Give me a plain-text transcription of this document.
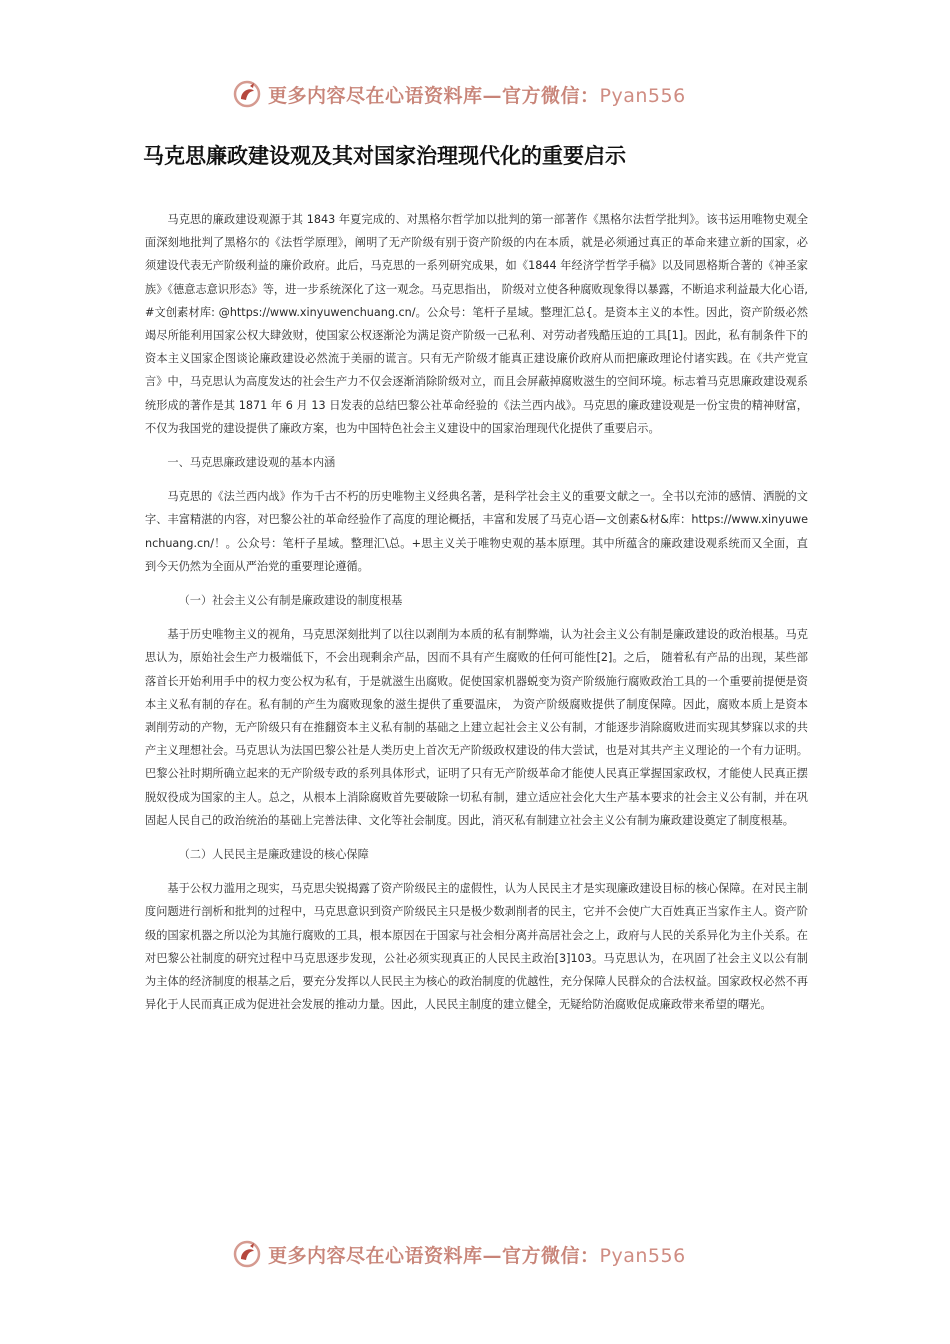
更多内容尽在心语资料库—官方微信：Pyan556
马克思廉政建设观及其对国家治理现代化的重要启示

马克思的廉政建设观源于其 1843 年夏完成的、对黑格尔哲学加以批判的第一部著作《黑格尔法哲学批判》。该书运用唯物史观全面深刻地批判了黑格尔的《法哲学原理》，阐明了无产阶级有别于资产阶级的内在本质，就是必须通过真正的革命来建立新的国家，必须建设代表无产阶级利益的廉价政府。此后，马克思的一系列研究成果，如《1844 年经济学哲学手稿》以及同恩格斯合著的《神圣家族》《德意志意识形态》等，进一步系统深化了这一观念。马克思指出， 阶级对立使各种腐败现象得以暴露，不断追求利益最大化心语,#文创素材库: @https://www.xinyuwenchuang.cn/。公众号：笔杆子星域。整理汇总{。是资本主义的本性。因此，资产阶级必然竭尽所能利用国家公权大肆敛财，使国家公权逐渐沦为满足资产阶级一己私利、对劳动者残酷压迫的工具[1]。因此，私有制条件下的资本主义国家企图谈论廉政建设必然流于美丽的谎言。只有无产阶级才能真正建设廉价政府从而把廉政理论付诸实践。在《共产党宣言》中，马克思认为高度发达的社会生产力不仅会逐渐消除阶级对立，而且会屏蔽掉腐败滋生的空间环境。标志着马克思廉政建设观系统形成的著作是其 1871 年 6 月 13 日发表的总结巴黎公社革命经验的《法兰西内战》。马克思的廉政建设观是一份宝贵的精神财富，不仅为我国党的建设提供了廉政方案，也为中国特色社会主义建设中的国家治理现代化提供了重要启示。

一、马克思廉政建设观的基本内涵

马克思的《法兰西内战》作为千古不朽的历史唯物主义经典名著，是科学社会主义的重要文献之一。全书以充沛的感情、洒脱的文字、丰富精湛的内容，对巴黎公社的革命经验作了高度的理论概括，丰富和发展了马克心语—文创素&材&库：https://www.xinyuwenchuang.cn/！。公众号：笔杆子星域。整理汇\总。+思主义关于唯物史观的基本原理。其中所蕴含的廉政建设观系统而又全面，直到今天仍然为全面从严治党的重要理论遵循。

（一）社会主义公有制是廉政建设的制度根基

基于历史唯物主义的视角，马克思深刻批判了以往以剥削为本质的私有制弊端，认为社会主义公有制是廉政建设的政治根基。马克思认为，原始社会生产力极端低下，不会出现剩余产品，因而不具有产生腐败的任何可能性[2]。之后， 随着私有产品的出现，某些部落首长开始利用手中的权力变公权为私有，于是就滋生出腐败。促使国家机器蜕变为资产阶级施行腐败政治工具的一个重要前提便是资本主义私有制的存在。私有制的产生为腐败现象的滋生提供了重要温床， 为资产阶级腐败提供了制度保障。因此，腐败本质上是资本剥削劳动的产物，无产阶级只有在推翻资本主义私有制的基础之上建立起社会主义公有制，才能逐步消除腐败进而实现其梦寐以求的共产主义理想社会。马克思认为法国巴黎公社是人类历史上首次无产阶级政权建设的伟大尝试，也是对其共产主义理论的一个有力证明。巴黎公社时期所确立起来的无产阶级专政的系列具体形式，证明了只有无产阶级革命才能使人民真正掌握国家政权，才能使人民真正摆脱奴役成为国家的主人。总之，从根本上消除腐败首先要破除一切私有制，建立适应社会化大生产基本要求的社会主义公有制，并在巩固起人民自己的政治统治的基础上完善法律、文化等社会制度。因此，消灭私有制建立社会主义公有制为廉政建设奠定了制度根基。

（二）人民民主是廉政建设的核心保障

基于公权力滥用之现实，马克思尖锐揭露了资产阶级民主的虚假性，认为人民民主才是实现廉政建设目标的核心保障。在对民主制度问题进行剖析和批判的过程中，马克思意识到资产阶级民主只是极少数剥削者的民主，它并不会使广大百姓真正当家作主人。资产阶级的国家机器之所以沦为其施行腐败的工具，根本原因在于国家与社会相分离并高居社会之上，政府与人民的关系异化为主仆关系。在对巴黎公社制度的研究过程中马克思逐步发现，公社必须实现真正的人民民主政治[3]103。马克思认为，在巩固了社会主义以公有制为主体的经济制度的根基之后，要充分发挥以人民民主为核心的政治制度的优越性，充分保障人民群众的合法权益。国家政权必然不再异化于人民而真正成为促进社会发展的推动力量。因此，人民民主制度的建立健全，无疑给防治腐败促成廉政带来希望的曙光。

更多内容尽在心语资料库—官方微信：Pyan556
